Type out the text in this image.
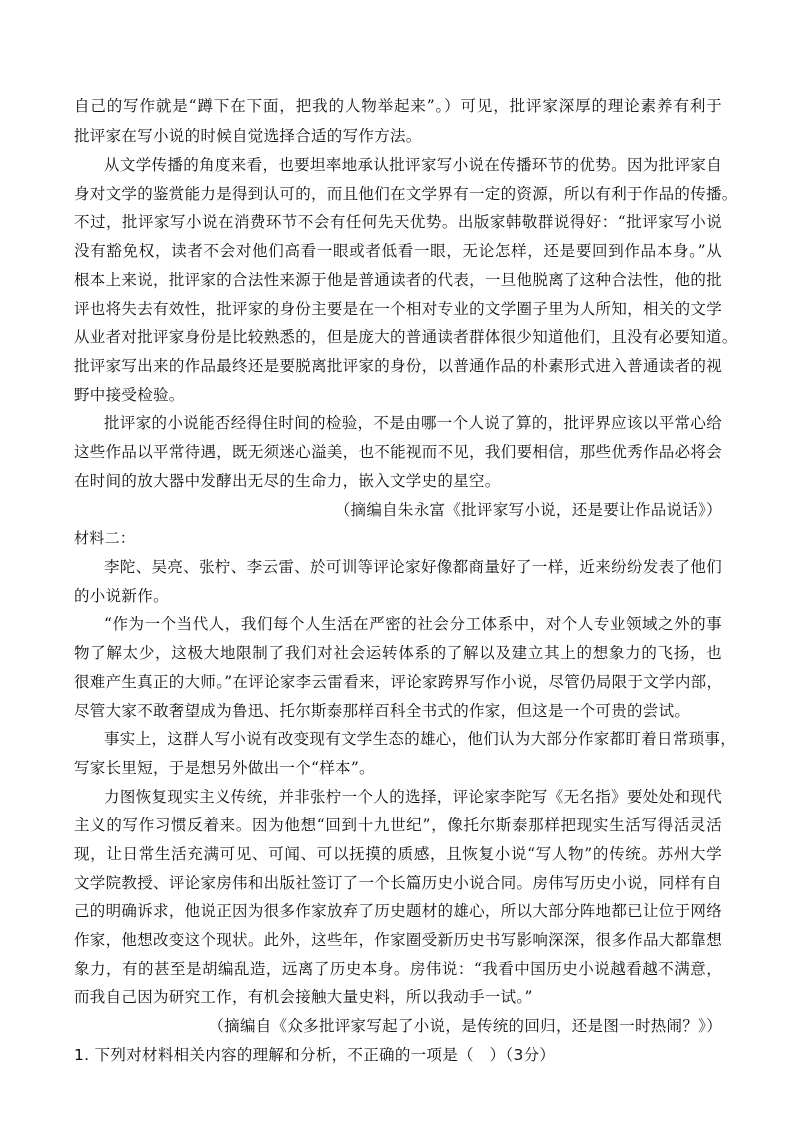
自己的写作就是“蹲下在下面，把我的人物举起来”。）可见，批评家深厚的理论素养有利于
批评家在写小说的时候自觉选择合适的写作方法。
从文学传播的角度来看，也要坦率地承认批评家写小说在传播环节的优势。因为批评家自
身对文学的鉴赏能力是得到认可的，而且他们在文学界有一定的资源，所以有利于作品的传播。
不过，批评家写小说在消费环节不会有任何先天优势。出版家韩敬群说得好：“批评家写小说
没有豁免权，读者不会对他们高看一眼或者低看一眼，无论怎样，还是要回到作品本身。”从
根本上来说，批评家的合法性来源于他是普通读者的代表，一旦他脱离了这种合法性，他的批
评也将失去有效性，批评家的身份主要是在一个相对专业的文学圈子里为人所知，相关的文学
从业者对批评家身份是比较熟悉的，但是庞大的普通读者群体很少知道他们，且没有必要知道。
批评家写出来的作品最终还是要脱离批评家的身份，以普通作品的朴素形式进入普通读者的视
野中接受检验。
批评家的小说能否经得住时间的检验，不是由哪一个人说了算的，批评界应该以平常心给
这些作品以平常待遇，既无须迷心溢美，也不能视而不见，我们要相信，那些优秀作品必将会
在时间的放大器中发酵出无尽的生命力，嵌入文学史的星空。
（摘编自朱永富《批评家写小说，还是要让作品说话》）
材料二：
李陀、吴亮、张柠、李云雷、於可训等评论家好像都商量好了一样，近来纷纷发表了他们
的小说新作。
“作为一个当代人，我们每个人生活在严密的社会分工体系中，对个人专业领域之外的事
物了解太少，这极大地限制了我们对社会运转体系的了解以及建立其上的想象力的飞扬，也
很难产生真正的大师。”在评论家李云雷看来，评论家跨界写作小说，尽管仍局限于文学内部，
尽管大家不敢奢望成为鲁迅、托尔斯泰那样百科全书式的作家，但这是一个可贵的尝试。
事实上，这群人写小说有改变现有文学生态的雄心，他们认为大部分作家都盯着日常琐事，
写家长里短，于是想另外做出一个“样本”。
力图恢复现实主义传统，并非张柠一个人的选择，评论家李陀写《无名指》要处处和现代
主义的写作习惯反着来。因为他想“回到十九世纪”，像托尔斯泰那样把现实生活写得活灵活
现，让日常生活充满可见、可闻、可以抚摸的质感，且恢复小说“写人物”的传统。苏州大学
文学院教授、评论家房伟和出版社签订了一个长篇历史小说合同。房伟写历史小说，同样有自
己的明确诉求，他说正因为很多作家放弃了历史题材的雄心，所以大部分阵地都已让位于网络
作家，他想改变这个现状。此外，这些年，作家圈受新历史书写影响深深，很多作品大都靠想
象力，有的甚至是胡编乱造，远离了历史本身。房伟说：“我看中国历史小说越看越不满意，
而我自己因为研究工作，有机会接触大量史料，所以我动手一试。”
（摘编自《众多批评家写起了小说，是传统的回归，还是图一时热闹？》）
1. 下列对材料相关内容的理解和分析，不正确的一项是（　）（3分）
